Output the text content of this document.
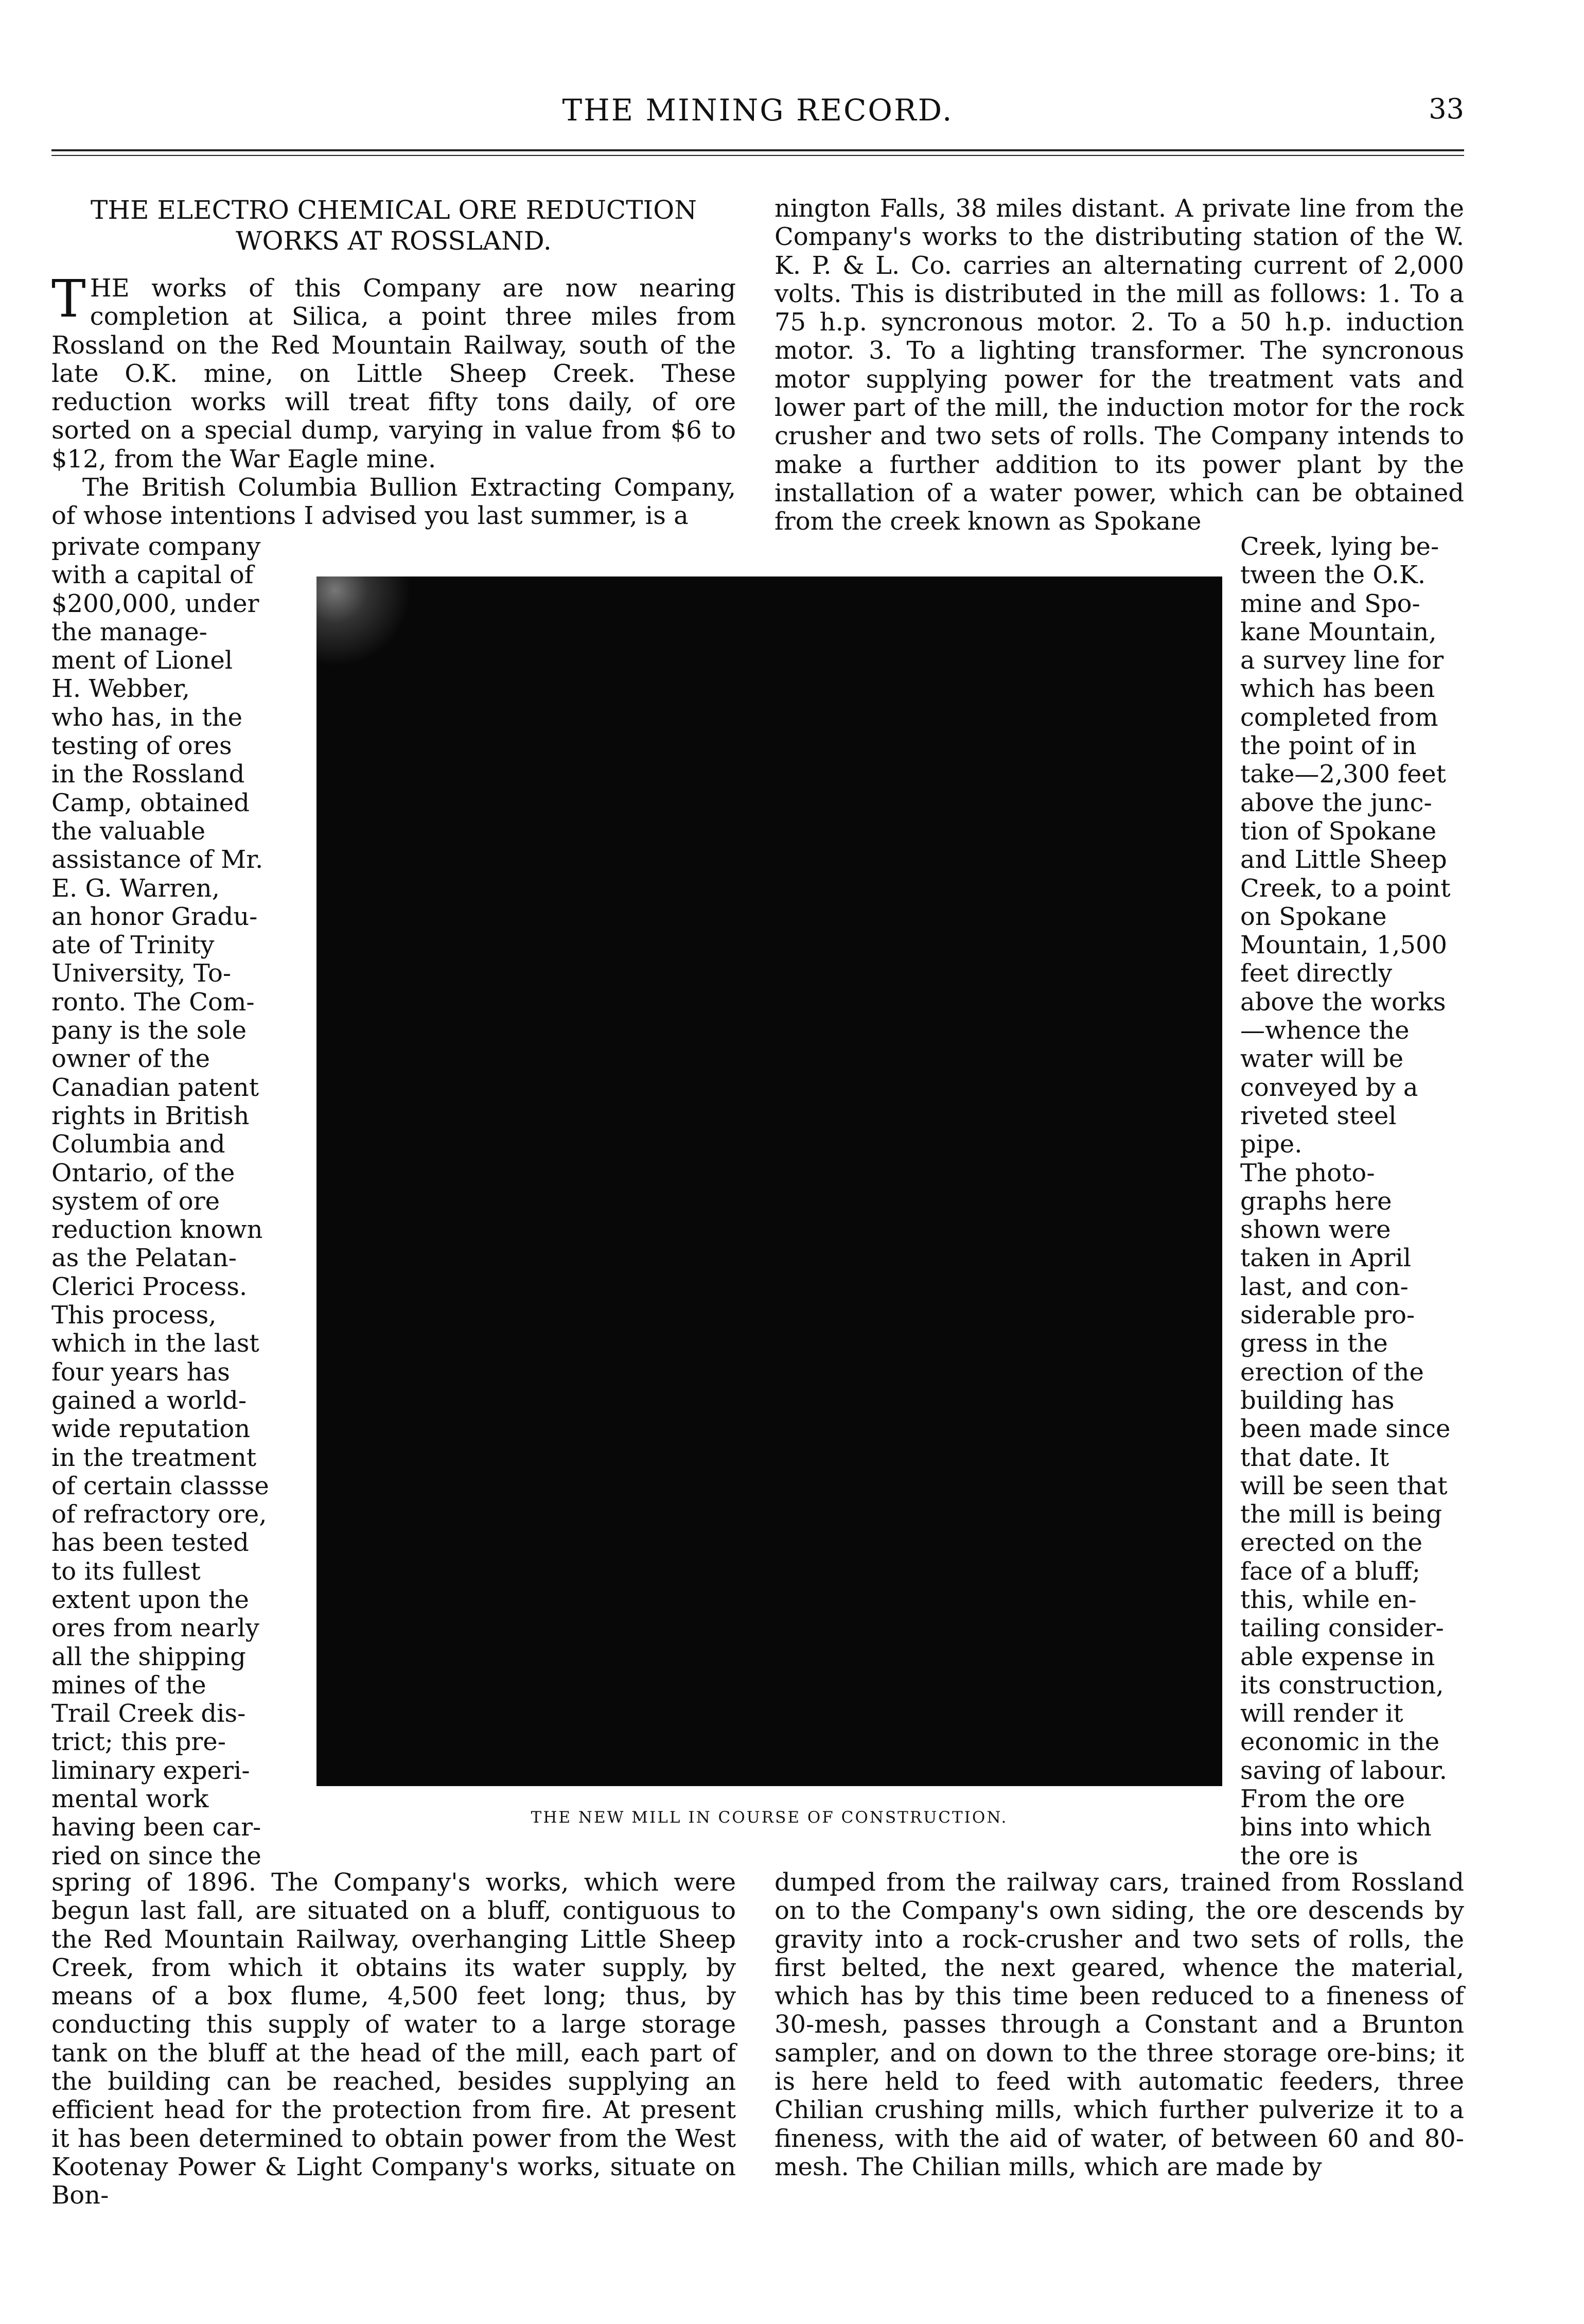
THE MINING RECORD.	33
THE ELECTRO CHEMICAL ORE REDUCTION
WORKS AT ROSSLAND.

THE works of this Company are now nearing completion at Silica, a point three miles from Rossland on the Red Mountain Railway, south of the late O.K. mine, on Little Sheep Creek. These reduction works will treat fifty tons daily, of ore sorted on a special dump, varying in value from $6 to $12, from the War Eagle mine.

The British Columbia Bullion Extracting Company, of whose intentions I advised you last summer, is a

private company
with a capital of
$200,000, under
the manage-
ment of Lionel
H. Webber,
who has, in the
testing of ores
in the Rossland
Camp, obtained
the valuable
assistance of Mr.
E. G. Warren,
an honor Gradu-
ate of Trinity
University, To-
ronto. The Com-
pany is the sole
owner of the
Canadian patent
rights in British
Columbia and
Ontario, of the
system of ore
reduction known
as the Pelatan-
Clerici Process.
This process,
which in the last
four years has
gained a world-
wide reputation
in the treatment
of certain classse
of refractory ore,
has been tested
to its fullest
extent upon the
ores from nearly
all the shipping
mines of the
Trail Creek dis-
trict; this pre-
liminary experi-
mental work
having been car-
ried on since the

spring of 1896. The Company's works, which were begun last fall, are situated on a bluff, contiguous to the Red Mountain Railway, overhanging Little Sheep Creek, from which it obtains its water supply, by means of a box flume, 4,500 feet long; thus, by conducting this supply of water to a large storage tank on the bluff at the head of the mill, each part of the building can be reached, besides supplying an efficient head for the protection from fire. At present it has been determined to obtain power from the West Kootenay Power & Light Company's works, situate on Bon-

nington Falls, 38 miles distant. A private line from the Company's works to the distributing station of the W. K. P. & L. Co. carries an alternating current of 2,000 volts. This is distributed in the mill as follows: 1. To a 75 h.p. syncronous motor. 2. To a 50 h.p. induction motor. 3. To a lighting transformer. The syncronous motor supplying power for the treatment vats and lower part of the mill, the induction motor for the rock crusher and two sets of rolls. The Company intends to make a further addition to its power plant by the installation of a water power, which can be obtained from the creek known as Spokane

Creek, lying be-
tween the O.K.
mine and Spo-
kane Mountain,
a survey line for
which has been
completed from
the point of in
take—2,300 feet
above the junc-
tion of Spokane
and Little Sheep
Creek, to a point
on Spokane
Mountain, 1,500
feet directly
above the works
—whence the
water will be
conveyed by a
riveted steel
pipe.
The photo-
graphs here
shown were
taken in April
last, and con-
siderable pro-
gress in the
erection of the
building has
been made since
that date. It
will be seen that
the mill is being
erected on the
face of a bluff;
this, while en-
tailing consider-
able expense in
its construction,
will render it
economic in the
saving of labour.
From the ore
bins into which
the ore is

dumped from the railway cars, trained from Rossland on to the Company's own siding, the ore descends by gravity into a rock-crusher and two sets of rolls, the first belted, the next geared, whence the material, which has by this time been reduced to a fineness of 30-mesh, passes through a Constant and a Brunton sampler, and on down to the three storage ore-bins; it is here held to feed with automatic feeders, three Chilian crushing mills, which further pulverize it to a fineness, with the aid of water, of between 60 and 80-mesh. The Chilian mills, which are made by

THE NEW MILL IN COURSE OF CONSTRUCTION.
